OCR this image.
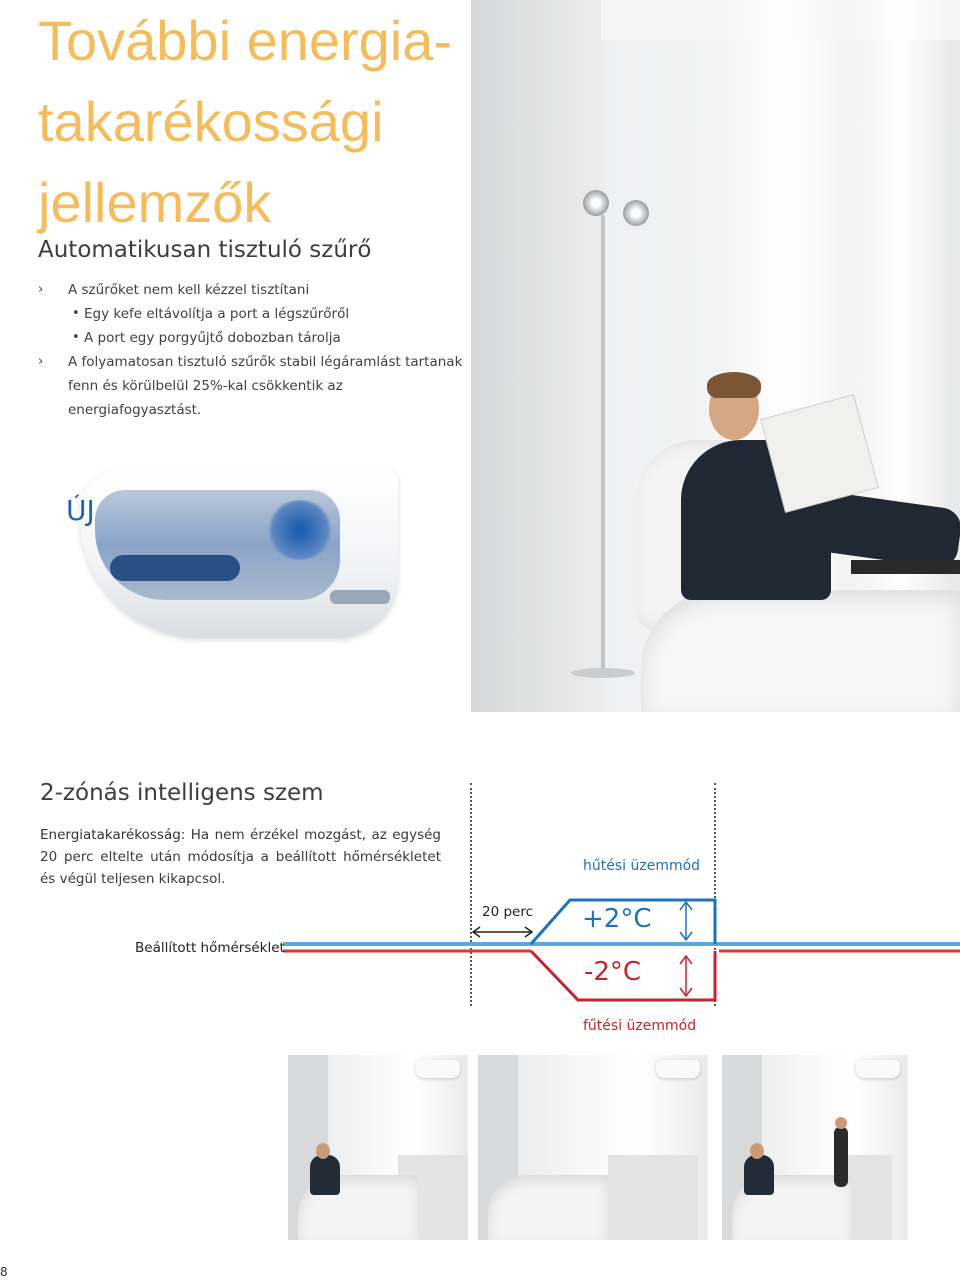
További energia-
takarékossági
jellemzők
Automatikusan tisztuló szűrő
› A szűrőket nem kell kézzel tisztítani
• Egy kefe eltávolítja a port a légszűrőről
• A port egy porgyűjtő dobozban tárolja
› A folyamatosan tisztuló szűrők stabil légáramlást tartanak fenn és körülbelül 25%-kal csökkentik az energiafogyasztást.
ÚJ
2-zónás intelligens szem
Energiatakarékosság: Ha nem érzékel mozgást, az egység 20 perc eltelte után módosítja a beállított hőmérsékletet és végül teljesen kikapcsol.
Beállított hőmérséklet
20 perc
hűtési üzemmód
fűtési üzemmód
+2°C
-2°C
8
